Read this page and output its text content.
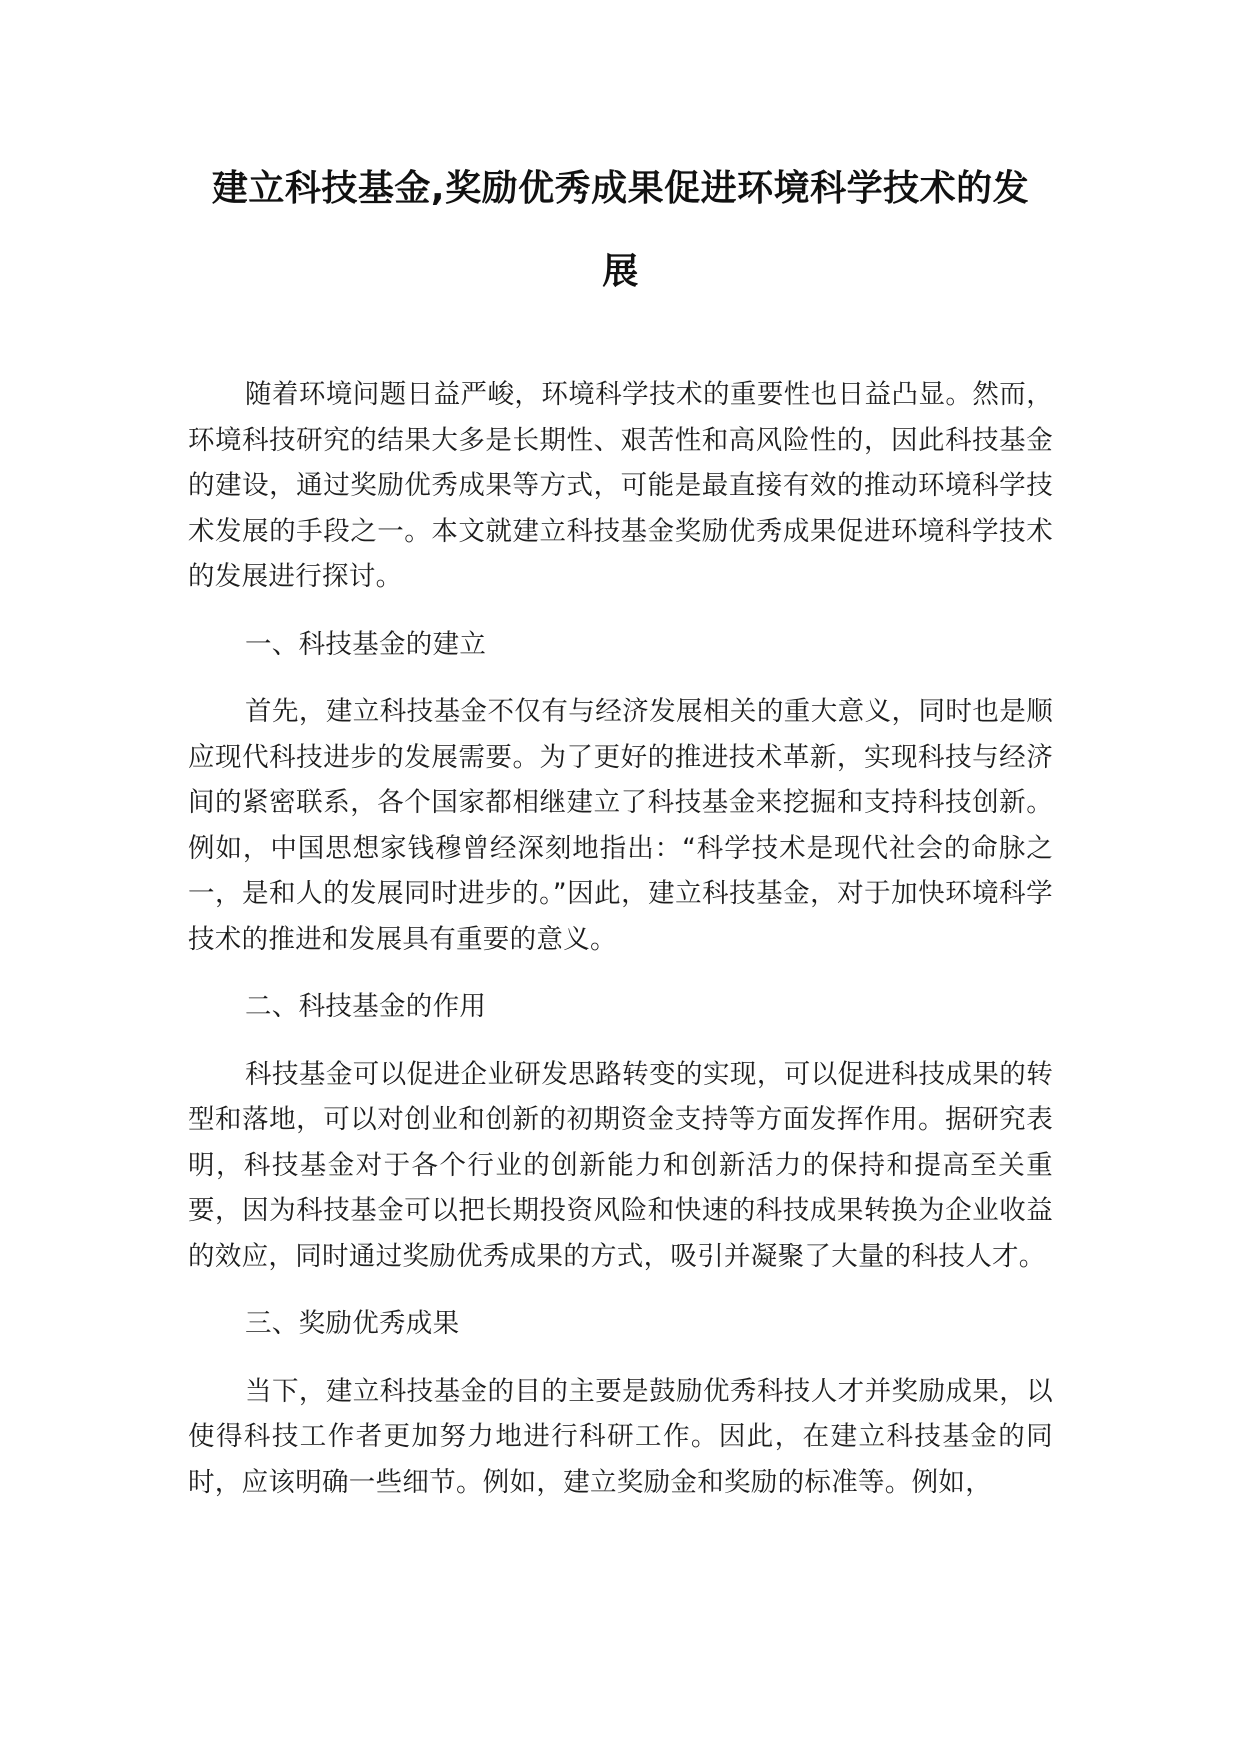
建立科技基金,奖励优秀成果促进环境科学技术的发
展

随着环境问题日益严峻，环境科学技术的重要性也日益凸显。然而，环境科技研究的结果大多是长期性、艰苦性和高风险性的，因此科技基金的建设，通过奖励优秀成果等方式，可能是最直接有效的推动环境科学技术发展的手段之一。本文就建立科技基金奖励优秀成果促进环境科学技术的发展进行探讨。

一、科技基金的建立

首先，建立科技基金不仅有与经济发展相关的重大意义，同时也是顺应现代科技进步的发展需要。为了更好的推进技术革新，实现科技与经济间的紧密联系，各个国家都相继建立了科技基金来挖掘和支持科技创新。例如，中国思想家钱穆曾经深刻地指出：“科学技术是现代社会的命脉之一，是和人的发展同时进步的。”因此，建立科技基金，对于加快环境科学技术的推进和发展具有重要的意义。

二、科技基金的作用

科技基金可以促进企业研发思路转变的实现，可以促进科技成果的转型和落地，可以对创业和创新的初期资金支持等方面发挥作用。据研究表明，科技基金对于各个行业的创新能力和创新活力的保持和提高至关重要，因为科技基金可以把长期投资风险和快速的科技成果转换为企业收益的效应，同时通过奖励优秀成果的方式，吸引并凝聚了大量的科技人才。

三、奖励优秀成果

当下，建立科技基金的目的主要是鼓励优秀科技人才并奖励成果，以使得科技工作者更加努力地进行科研工作。因此，在建立科技基金的同时，应该明确一些细节。例如，建立奖励金和奖励的标准等。例如，
